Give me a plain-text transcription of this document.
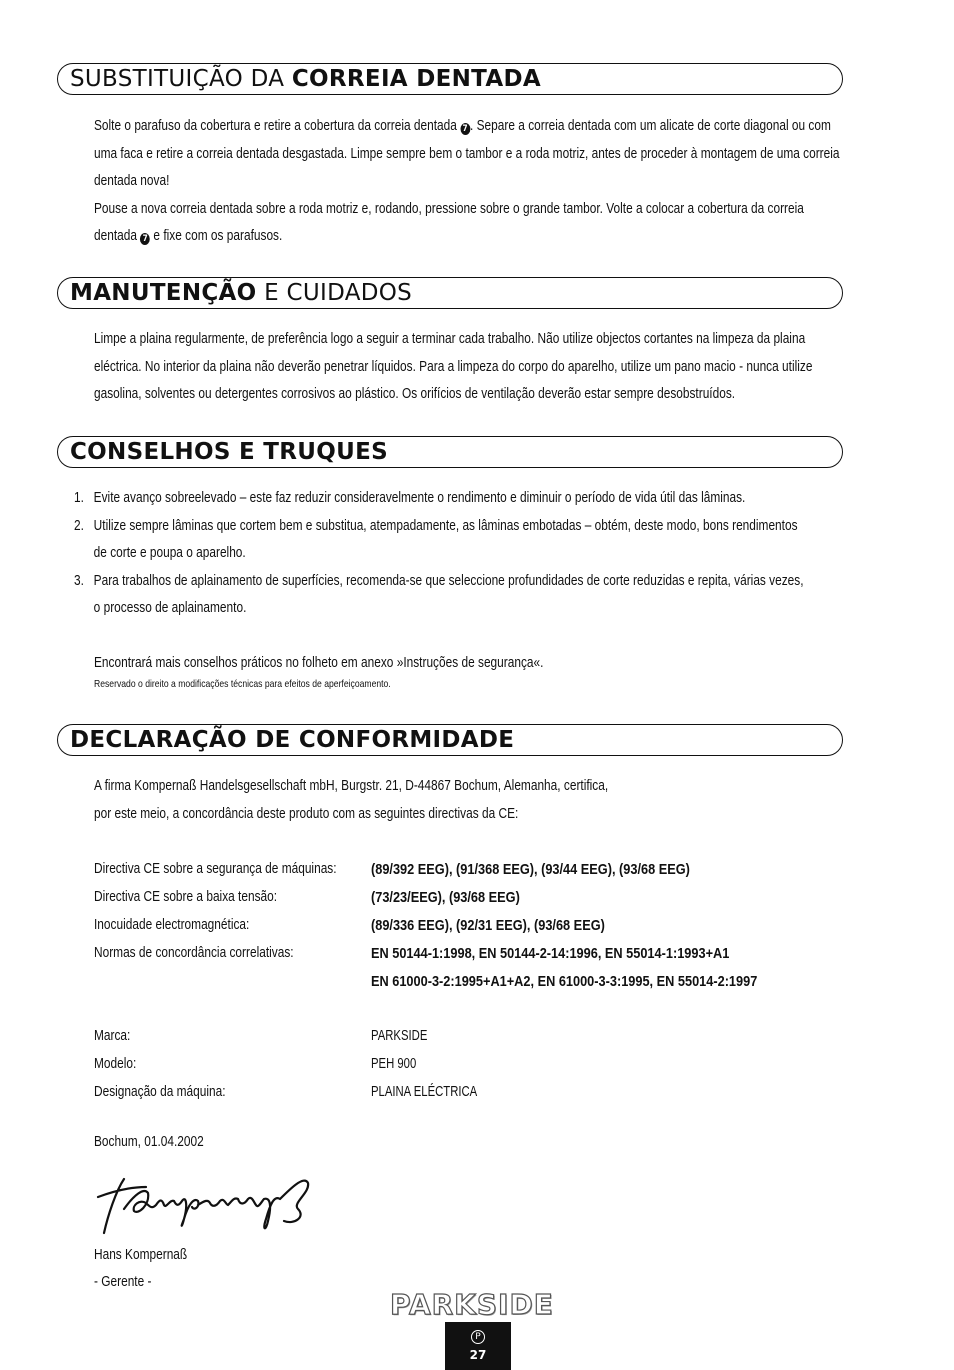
SUBSTITUIÇÃO DA CORREIA DENTADA

Solte o parafuso da cobertura e retire a cobertura da correia dentada 7 . Separe a correia dentada com um alicate de corte diagonal ou com

uma faca e retire a correia dentada desgastada. Limpe sempre bem o tambor e a roda motriz, antes de proceder à montagem de uma correia

dentada nova!

Pouse a nova correia dentada sobre a roda motriz e, rodando, pressione sobre o grande tambor. Volte a colocar a cobertura da correia

dentada 7 e fixe com os parafusos.

MANUTENÇÃO E CUIDADOS

Limpe a plaina regularmente, de preferência logo a seguir a terminar cada trabalho. Não utilize objectos cortantes na limpeza da plaina

eléctrica. No interior da plaina não deverão penetrar líquidos. Para a limpeza do corpo do aparelho, utilize um pano macio - nunca utilize

gasolina, solventes ou detergentes corrosivos ao plástico. Os orifícios de ventilação deverão estar sempre desobstruídos.

CONSELHOS E TRUQUES
1. Evite avanço sobreelevado – este faz reduzir consideravelmente o rendimento e diminuir o período de vida útil das lâminas.
2. Utilize sempre lâminas que cortem bem e substitua, atempadamente, as lâminas embotadas – obtém, deste modo, bons rendimentos
de corte e poupa o aparelho.
3. Para trabalhos de aplainamento de superfícies, recomenda-se que seleccione profundidades de corte reduzidas e repita, várias vezes,
o processo de aplainamento.
Encontrará mais conselhos práticos no folheto em anexo »Instruções de segurança«.
Reservado o direito a modificações técnicas para efeitos de aperfeiçoamento.
DECLARAÇÃO DE CONFORMIDADE

A firma Kompernaß Handelsgesellschaft mbH, Burgstr. 21, D-44867 Bochum, Alemanha, certifica,

por este meio, a concordância deste produto com as seguintes directivas da CE:

Directiva CE sobre a segurança de máquinas: (89/392 EEG), (91/368 EEG), (93/44 EEG), (93/68 EEG)
Directiva CE sobre a baixa tensão:	(73/23/EEG), (93/68 EEG)
Inocuidade electromagnética:	(89/336 EEG), (92/31 EEG), (93/68 EEG)
Normas de concordância correlativas:	EN 50144-1:1998, EN 50144-2-14:1996, EN 55014-1:1993+A1
EN 61000-3-2:1995+A1+A2, EN 61000-3-3:1995, EN 55014-2:1997
Marca:	PARKSIDE
Modelo:	PEH 900
Designação da máquina:	PLAINA ELÉCTRICA
Bochum, 01.04.2002
Hans Kompernaß
- Gerente -
PARKSIDE
P
27
